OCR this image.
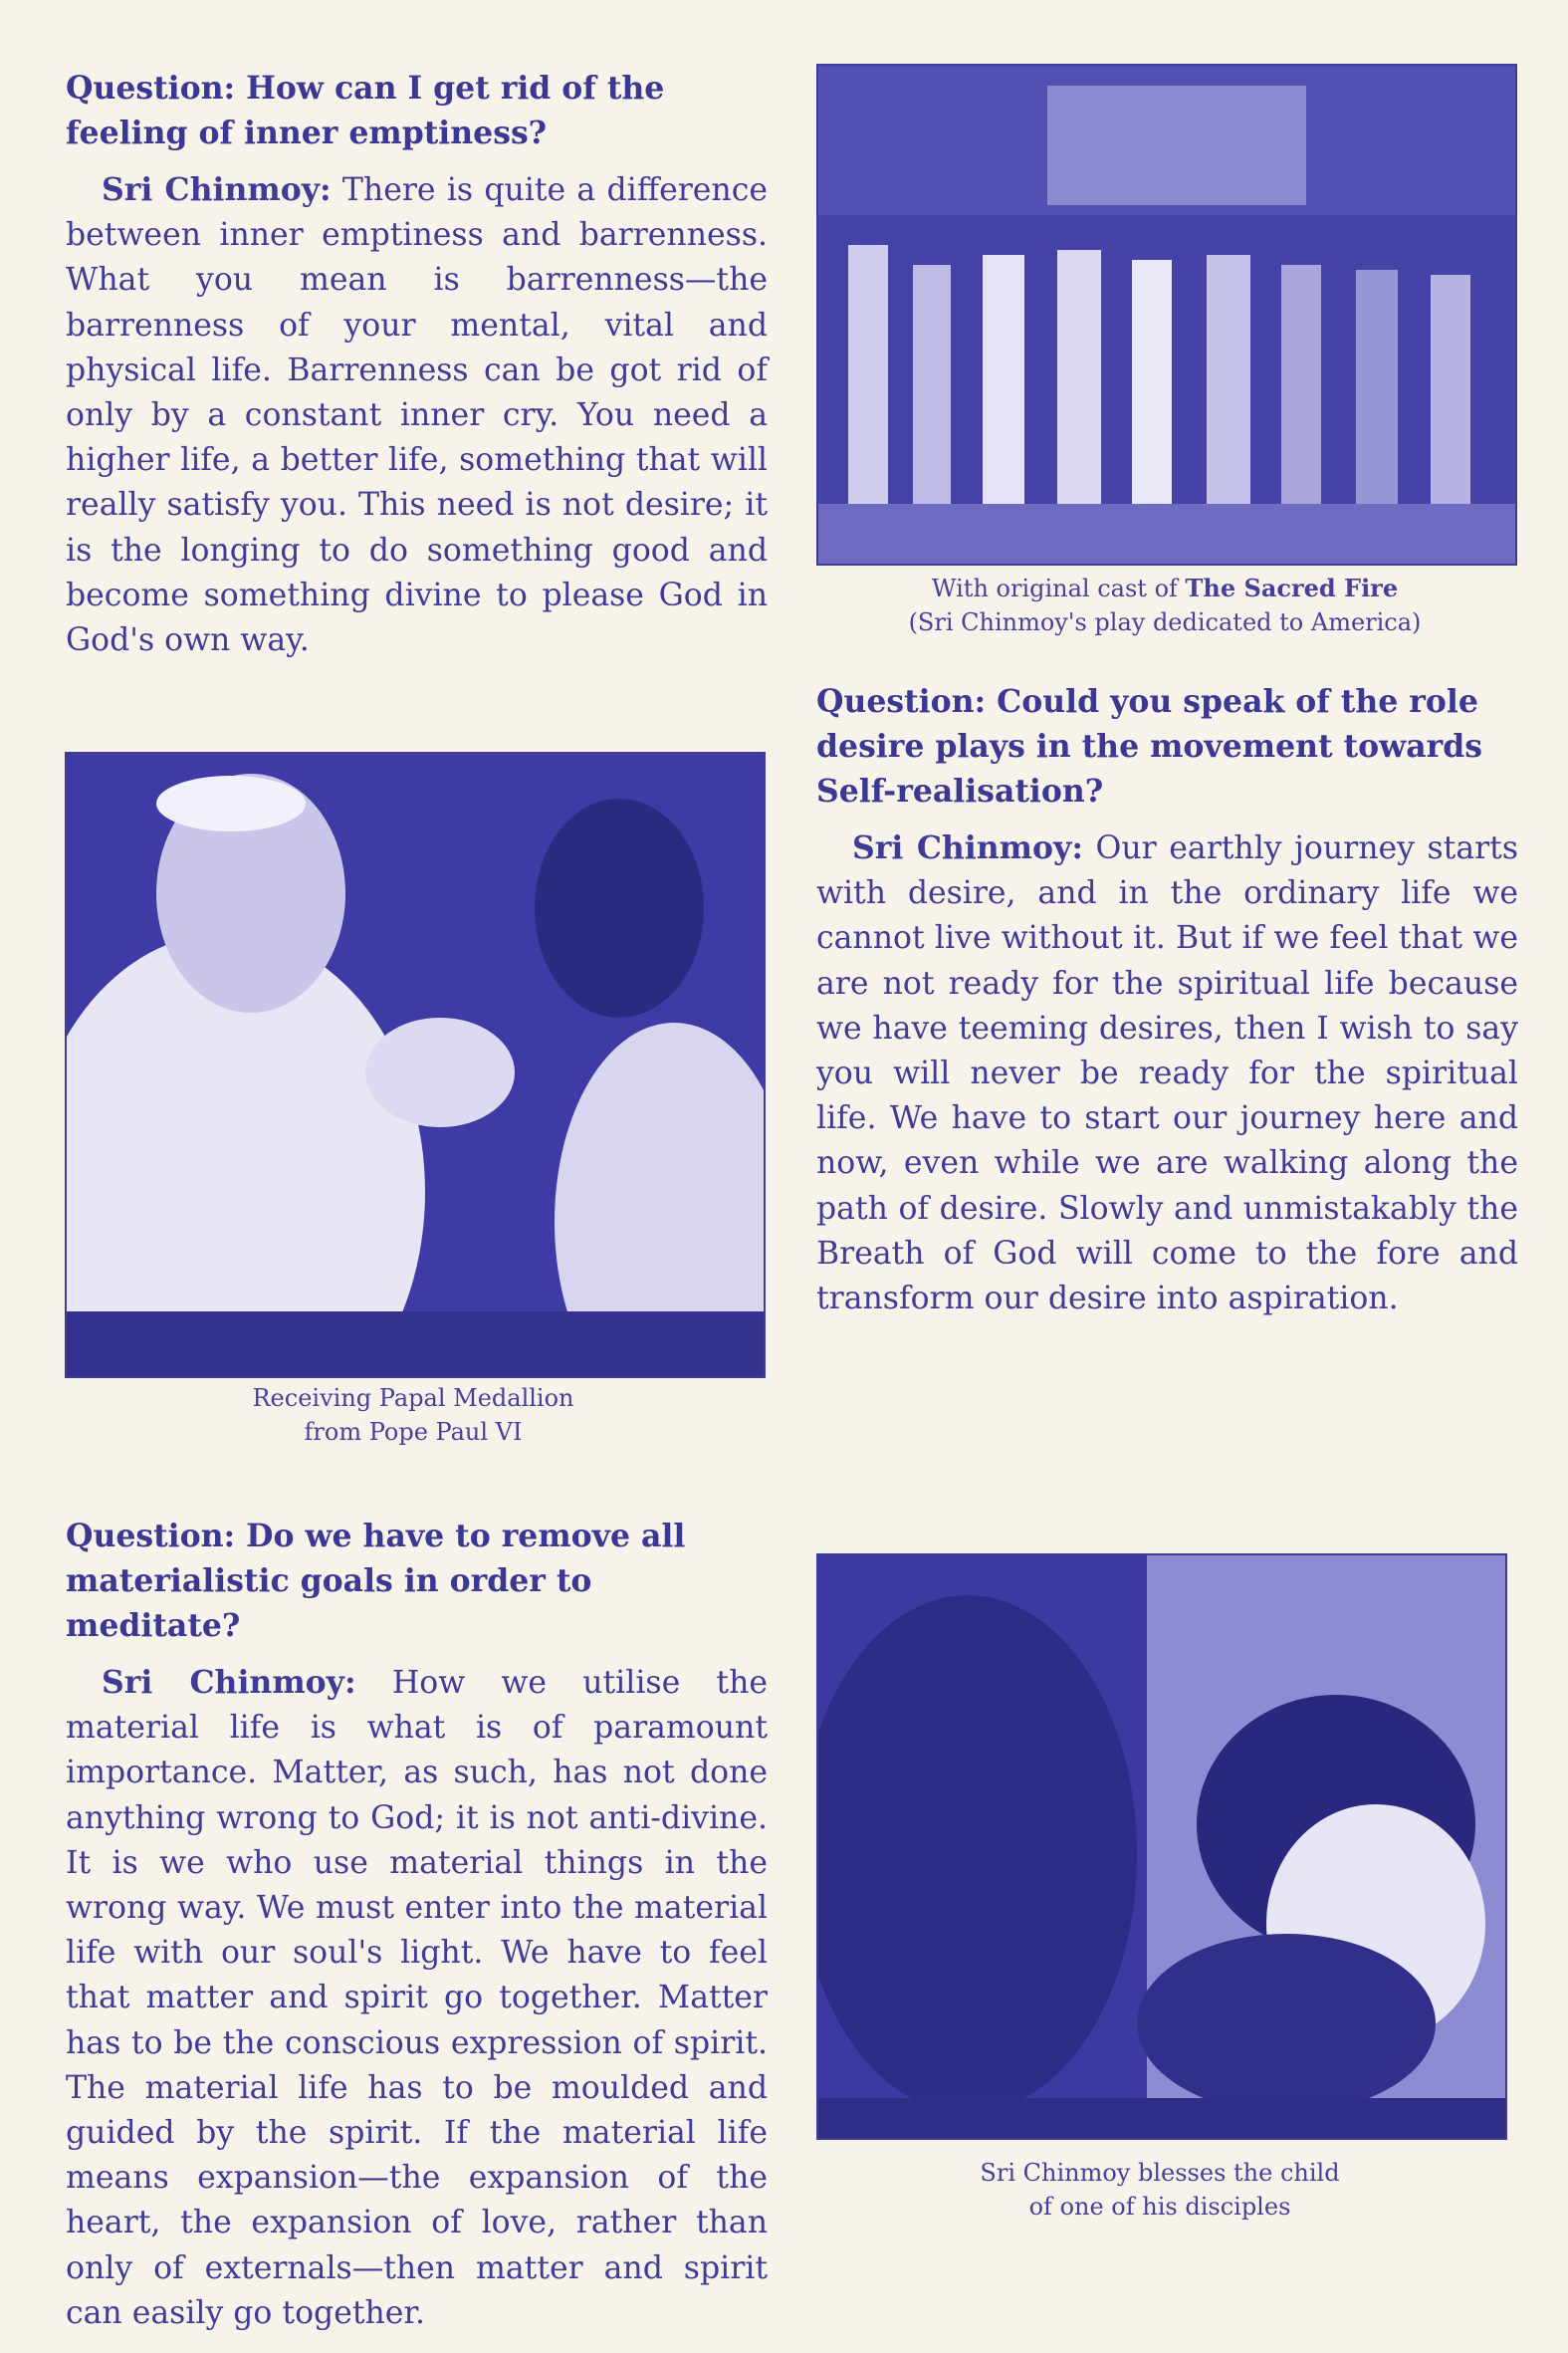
Question: How can I get rid of the feeling of inner emptiness?

Sri Chinmoy: There is quite a difference between inner emptiness and barrenness. What you mean is barrenness—the barrenness of your mental, vital and physical life. Barrenness can be got rid of only by a constant inner cry. You need a higher life, a better life, something that will really satisfy you. This need is not desire; it is the longing to do something good and become something divine to please God in God's own way.

Receiving Papal Medallion
from Pope Paul VI

Question: Do we have to remove all materialistic goals in order to meditate?

Sri Chinmoy: How we utilise the material life is what is of paramount importance. Matter, as such, has not done anything wrong to God; it is not anti-divine. It is we who use material things in the wrong way. We must enter into the material life with our soul's light. We have to feel that matter and spirit go together. Matter has to be the conscious expression of spirit. The material life has to be moulded and guided by the spirit. If the material life means expansion—the expansion of the heart, the expansion of love, rather than only of externals—then matter and spirit can easily go together.

With original cast of The Sacred Fire
(Sri Chinmoy's play dedicated to America)

Question: Could you speak of the role desire plays in the movement towards Self-realisation?

Sri Chinmoy: Our earthly journey starts with desire, and in the ordinary life we cannot live without it. But if we feel that we are not ready for the spiritual life because we have teeming desires, then I wish to say you will never be ready for the spiritual life. We have to start our journey here and now, even while we are walking along the path of desire. Slowly and unmistakably the Breath of God will come to the fore and transform our desire into aspiration.

Sri Chinmoy blesses the child
of one of his disciples
